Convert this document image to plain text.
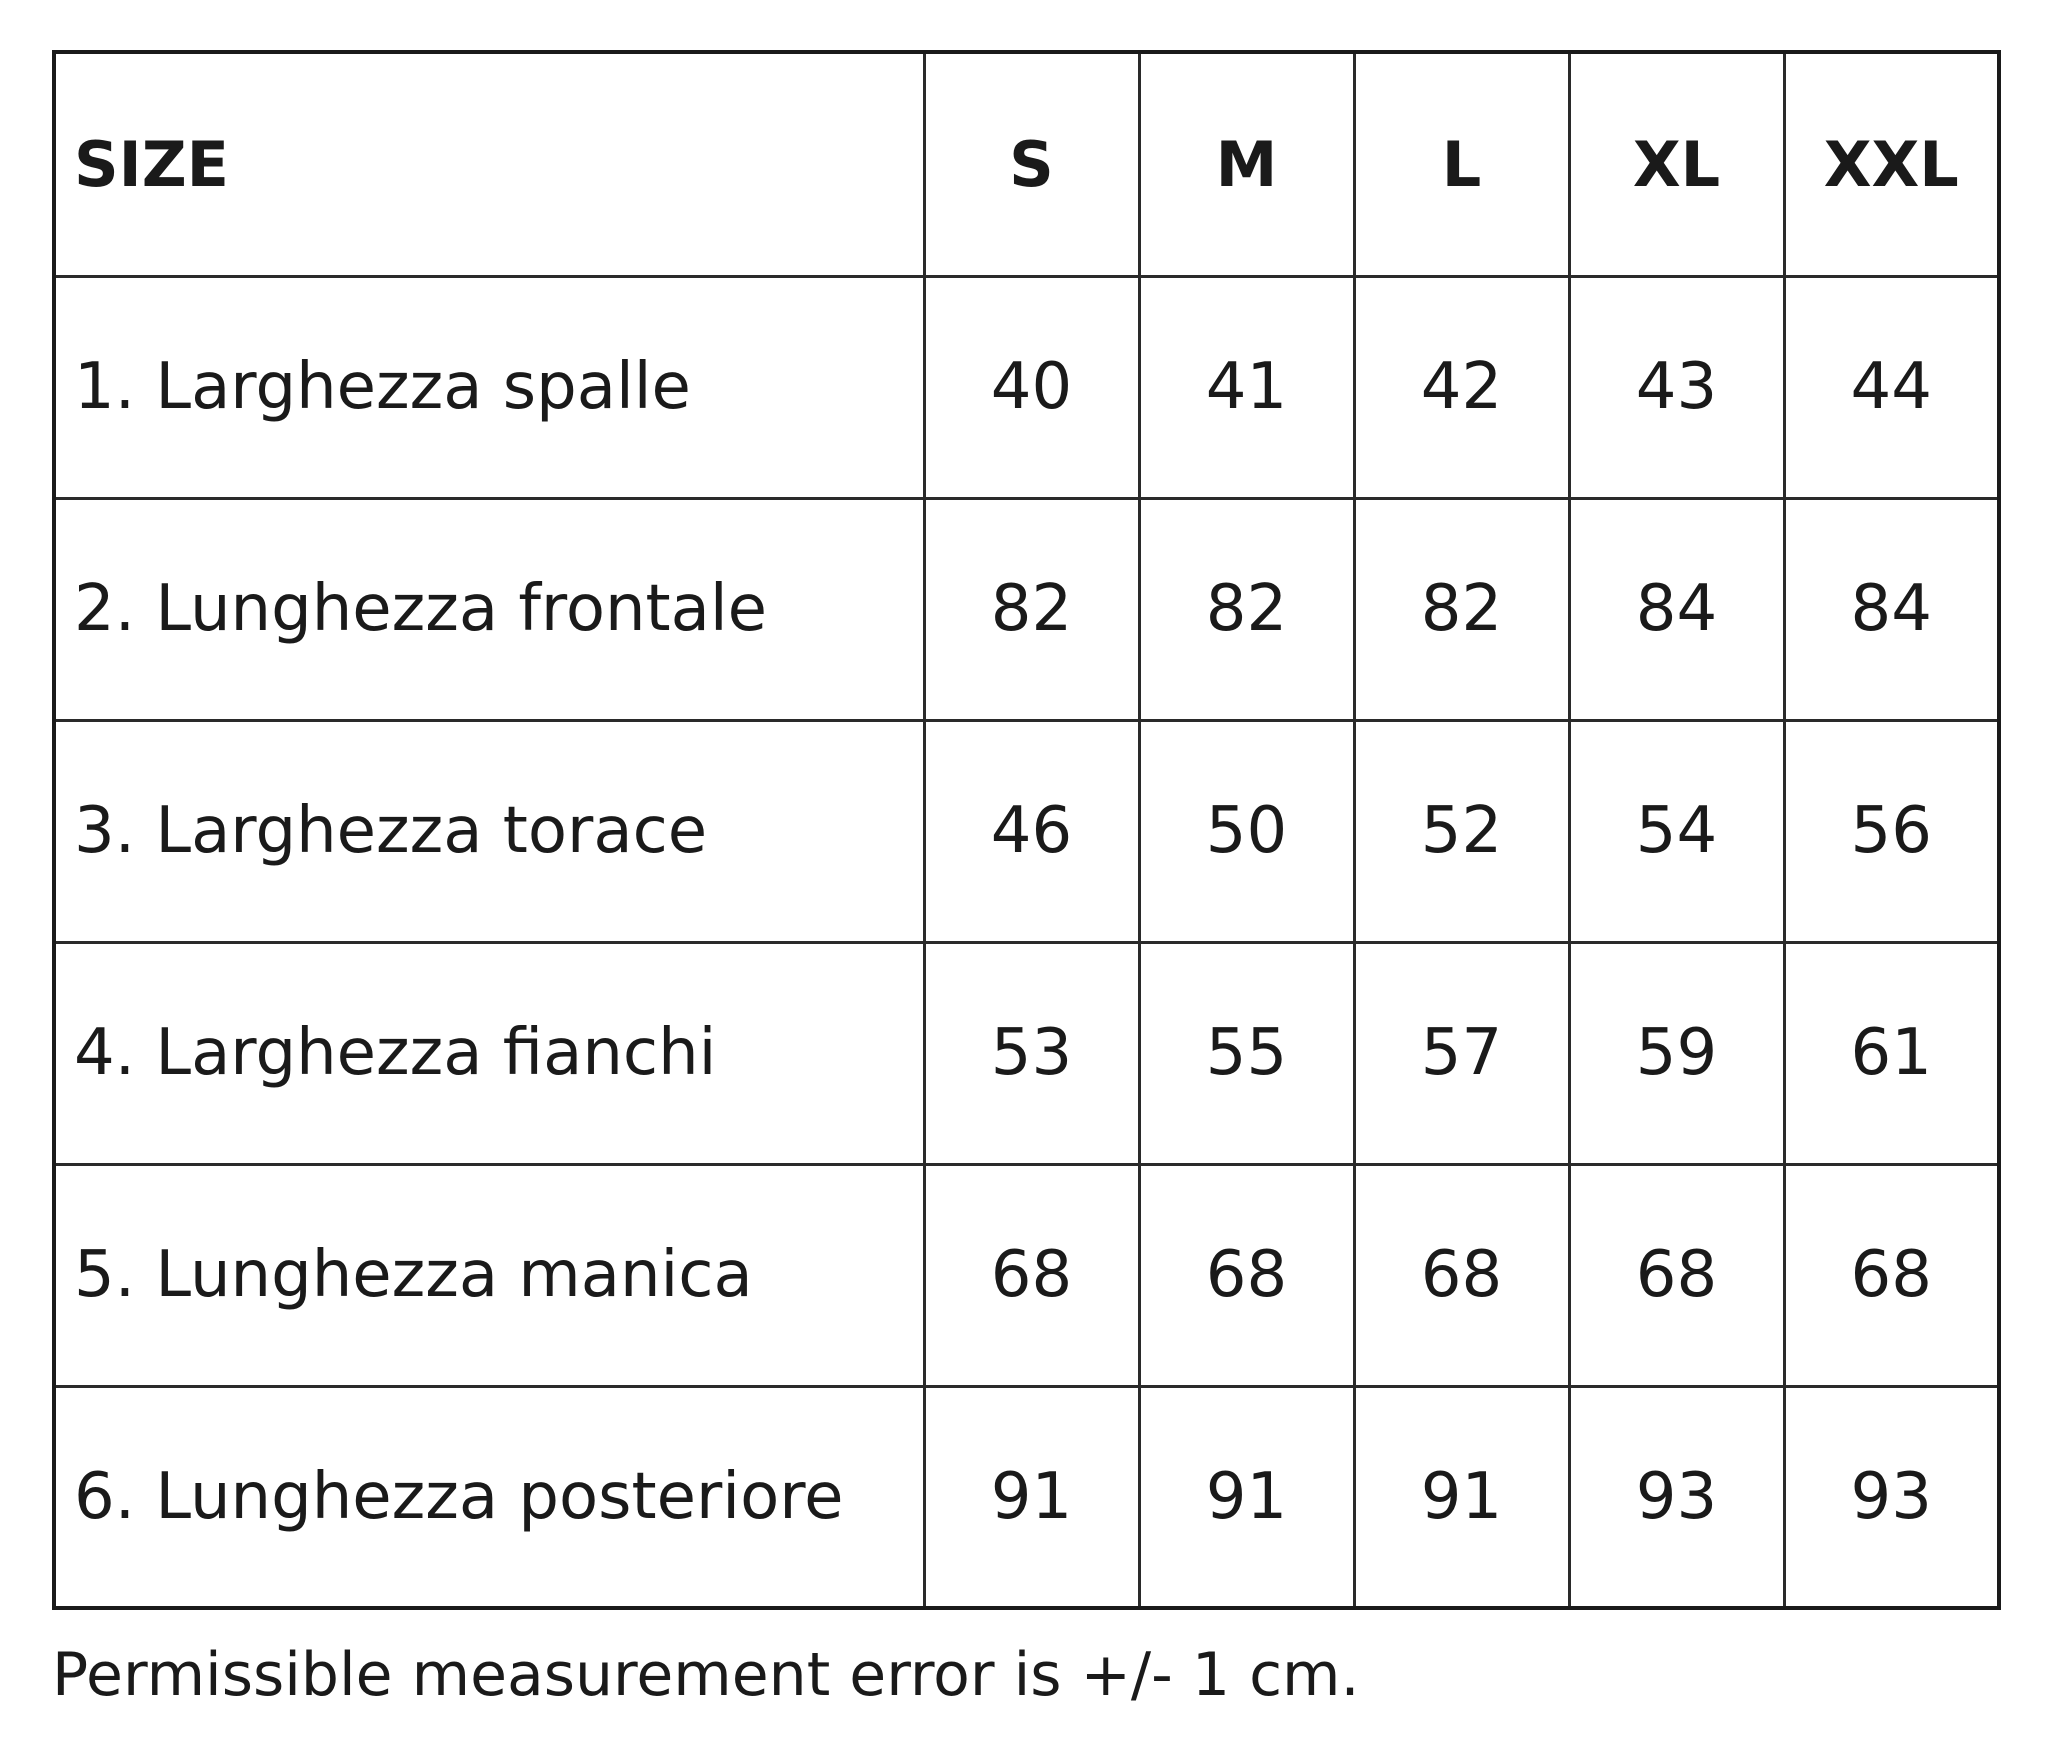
SIZE	S	M	L	XL	XXL
1. Larghezza spalle	40	41	42	43	44
2. Lunghezza frontale	82	82	82	84	84
3. Larghezza torace	46	50	52	54	56
4. Larghezza fianchi	53	55	57	59	61
5. Lunghezza manica	68	68	68	68	68
6. Lunghezza posteriore	91	91	91	93	93
Permissible measurement error is +/- 1 cm.
